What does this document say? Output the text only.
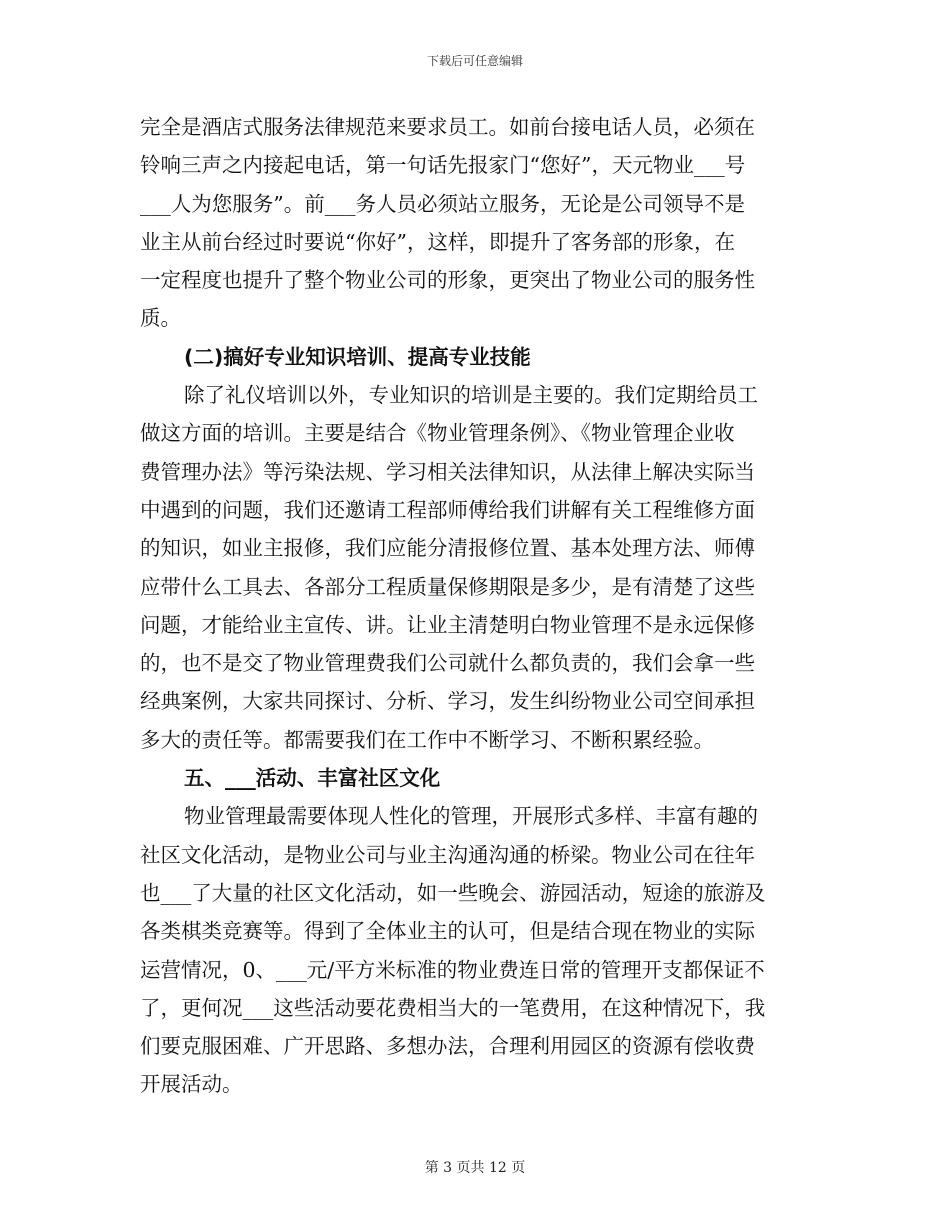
下载后可任意编辑
完全是酒店式服务法律规范来要求员工。如前台接电话人员，必须在
铃响三声之内接起电话，第一句话先报家门“您好”，天元物业___号
___人为您服务”。前___务人员必须站立服务，无论是公司领导不是
业主从前台经过时要说“你好”，这样，即提升了客务部的形象，在
一定程度也提升了整个物业公司的形象，更突出了物业公司的服务性
质。
(二)搞好专业知识培训、提高专业技能
除了礼仪培训以外，专业知识的培训是主要的。我们定期给员工
做这方面的培训。主要是结合《物业管理条例》、《物业管理企业收
费管理办法》等污染法规、学习相关法律知识，从法律上解决实际当
中遇到的问题，我们还邀请工程部师傅给我们讲解有关工程维修方面
的知识，如业主报修，我们应能分清报修位置、基本处理方法、师傅
应带什么工具去、各部分工程质量保修期限是多少，是有清楚了这些
问题，才能给业主宣传、讲。让业主清楚明白物业管理不是永远保修
的，也不是交了物业管理费我们公司就什么都负责的，我们会拿一些
经典案例，大家共同探讨、分析、学习，发生纠纷物业公司空间承担
多大的责任等。都需要我们在工作中不断学习、不断积累经验。
五、___活动、丰富社区文化
物业管理最需要体现人性化的管理，开展形式多样、丰富有趣的
社区文化活动，是物业公司与业主沟通沟通的桥梁。物业公司在往年
也___了大量的社区文化活动，如一些晚会、游园活动，短途的旅游及
各类棋类竞赛等。得到了全体业主的认可，但是结合现在物业的实际
运营情况，0、___元/平方米标准的物业费连日常的管理开支都保证不
了，更何况___这些活动要花费相当大的一笔费用，在这种情况下，我
们要克服困难、广开思路、多想办法，合理利用园区的资源有偿收费
开展活动。
第 3 页共 12 页
